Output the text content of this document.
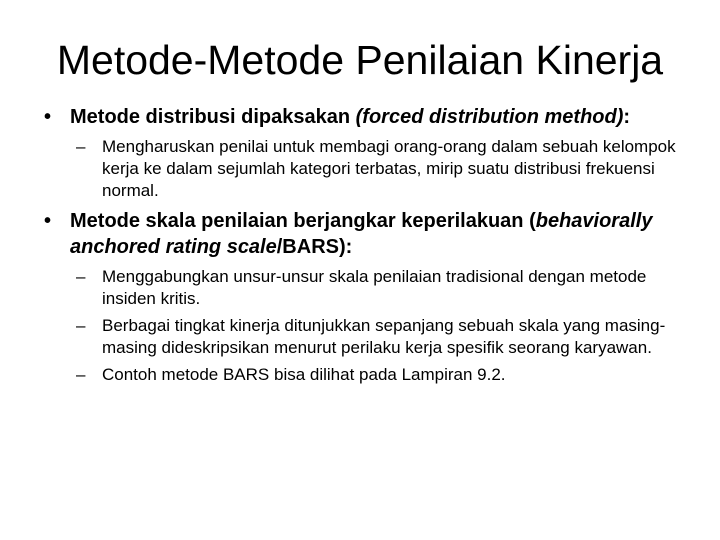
Metode-Metode Penilaian Kinerja
• Metode distribusi dipaksakan (forced distribution method):
– Mengharuskan penilai untuk membagi orang-orang dalam sebuah kelompok kerja ke dalam sejumlah kategori terbatas, mirip suatu distribusi frekuensi normal.
• Metode skala penilaian berjangkar keperilakuan (behaviorally anchored rating scale/BARS):
– Menggabungkan unsur-unsur skala penilaian tradisional dengan metode insiden kritis.
– Berbagai tingkat kinerja ditunjukkan sepanjang sebuah skala yang masing-masing dideskripsikan menurut perilaku kerja spesifik seorang karyawan.
– Contoh metode BARS bisa dilihat pada Lampiran 9.2.
